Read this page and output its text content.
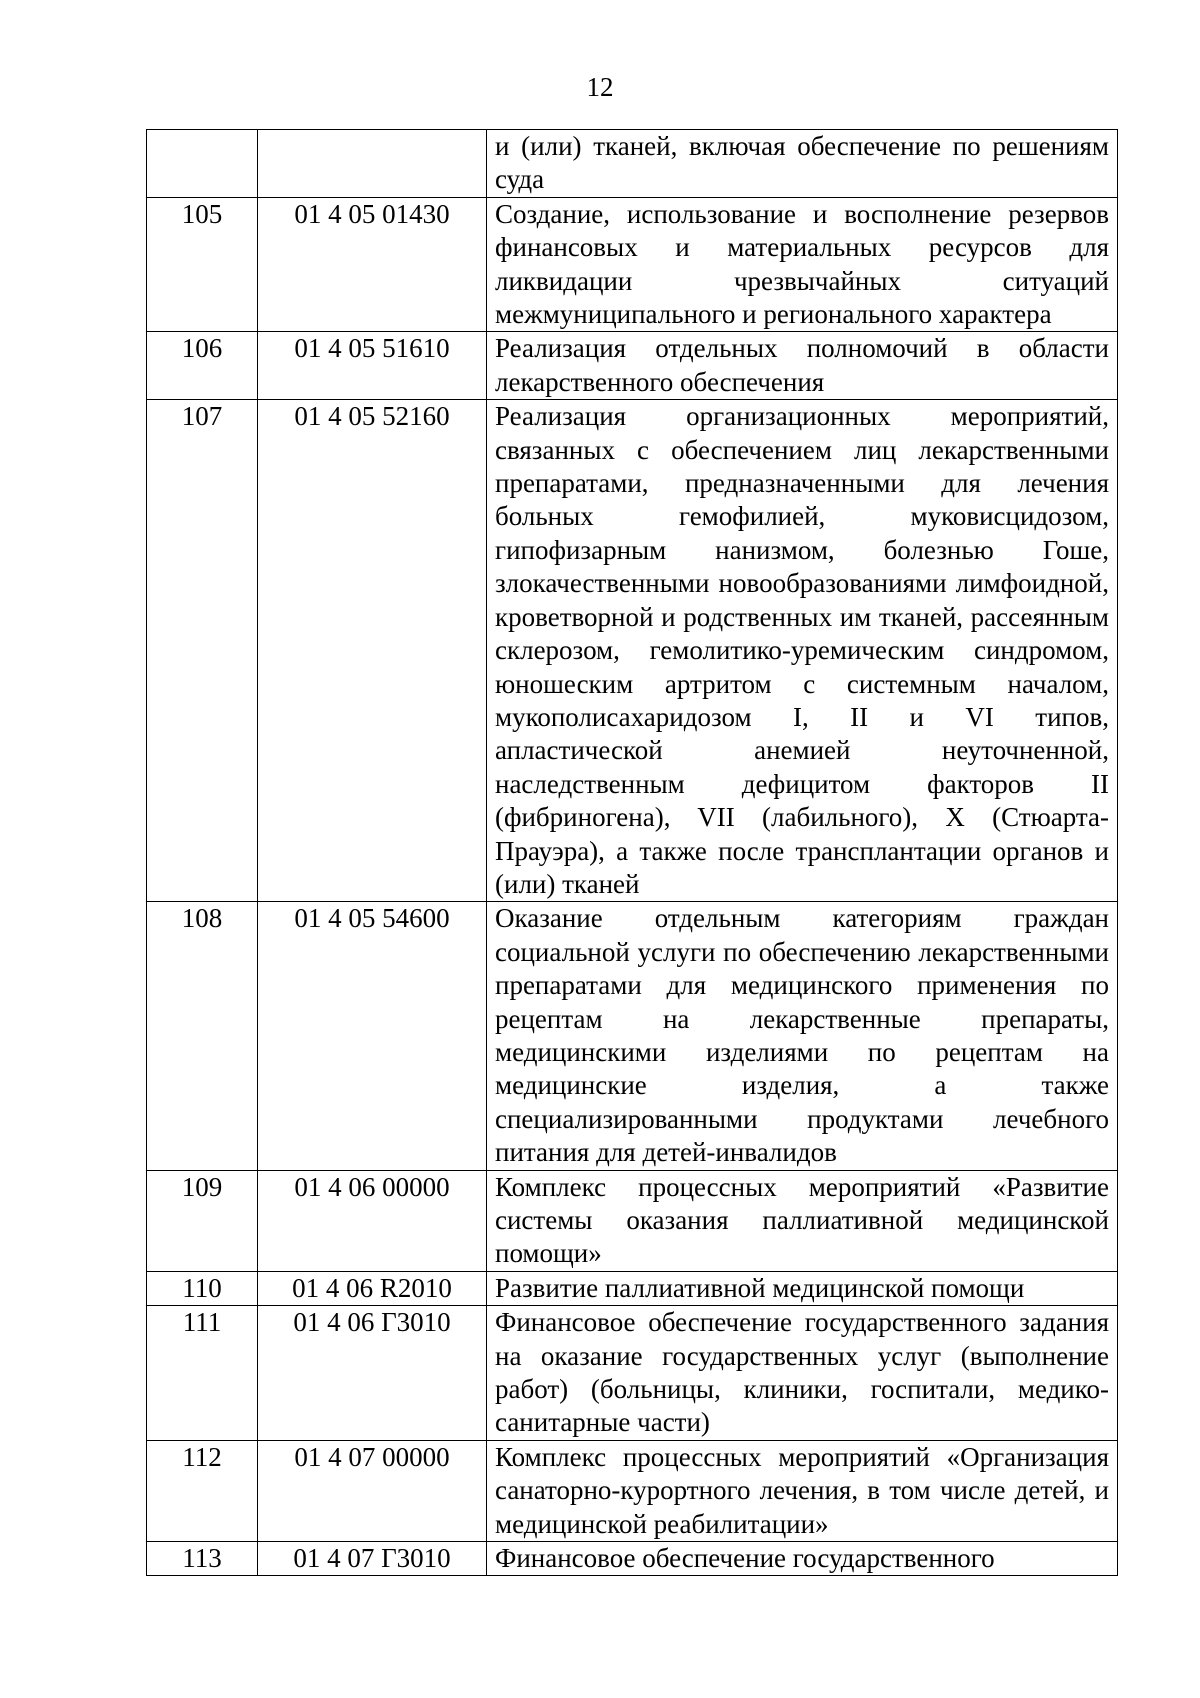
12
		и (или) тканей, включая обеспечение по решениям суда
105	01 4 05 01430	Создание, использование и восполнение резервов финансовых и материальных ресурсов для ликвидации чрезвычайных ситуаций межмуниципального и регионального характера
106	01 4 05 51610	Реализация отдельных полномочий в области лекарственного обеспечения
107	01 4 05 52160	Реализация организационных мероприятий, связанных с обеспечением лиц лекарственными препаратами, предназначенными для лечения больных гемофилией, муковисцидозом, гипофизарным нанизмом, болезнью Гоше, злокачественными новообразованиями лимфоидной, кроветворной и родственных им тканей, рассеянным склерозом, гемолитико-уремическим синдромом, юношеским артритом с системным началом, мукополисахаридозом I, II и VI типов, апластической анемией неуточненной, наследственным дефицитом факторов II (фибриногена), VII (лабильного), X (Стюарта-Прауэра), а также после трансплантации органов и (или) тканей
108	01 4 05 54600	Оказание отдельным категориям граждан социальной услуги по обеспечению лекарственными препаратами для медицинского применения по рецептам на лекарственные препараты, медицинскими изделиями по рецептам на медицинские изделия, а также специализированными продуктами лечебного питания для детей-инвалидов
109	01 4 06 00000	Комплекс процессных мероприятий «Развитие системы оказания паллиативной медицинской помощи»
110	01 4 06 R2010	Развитие паллиативной медицинской помощи
111	01 4 06 Г3010	Финансовое обеспечение государственного задания на оказание государственных услуг (выполнение работ) (больницы, клиники, госпитали, медико-санитарные части)
112	01 4 07 00000	Комплекс процессных мероприятий «Организация санаторно-курортного лечения, в том числе детей, и медицинской реабилитации»
113	01 4 07 Г3010	Финансовое обеспечение государственного
